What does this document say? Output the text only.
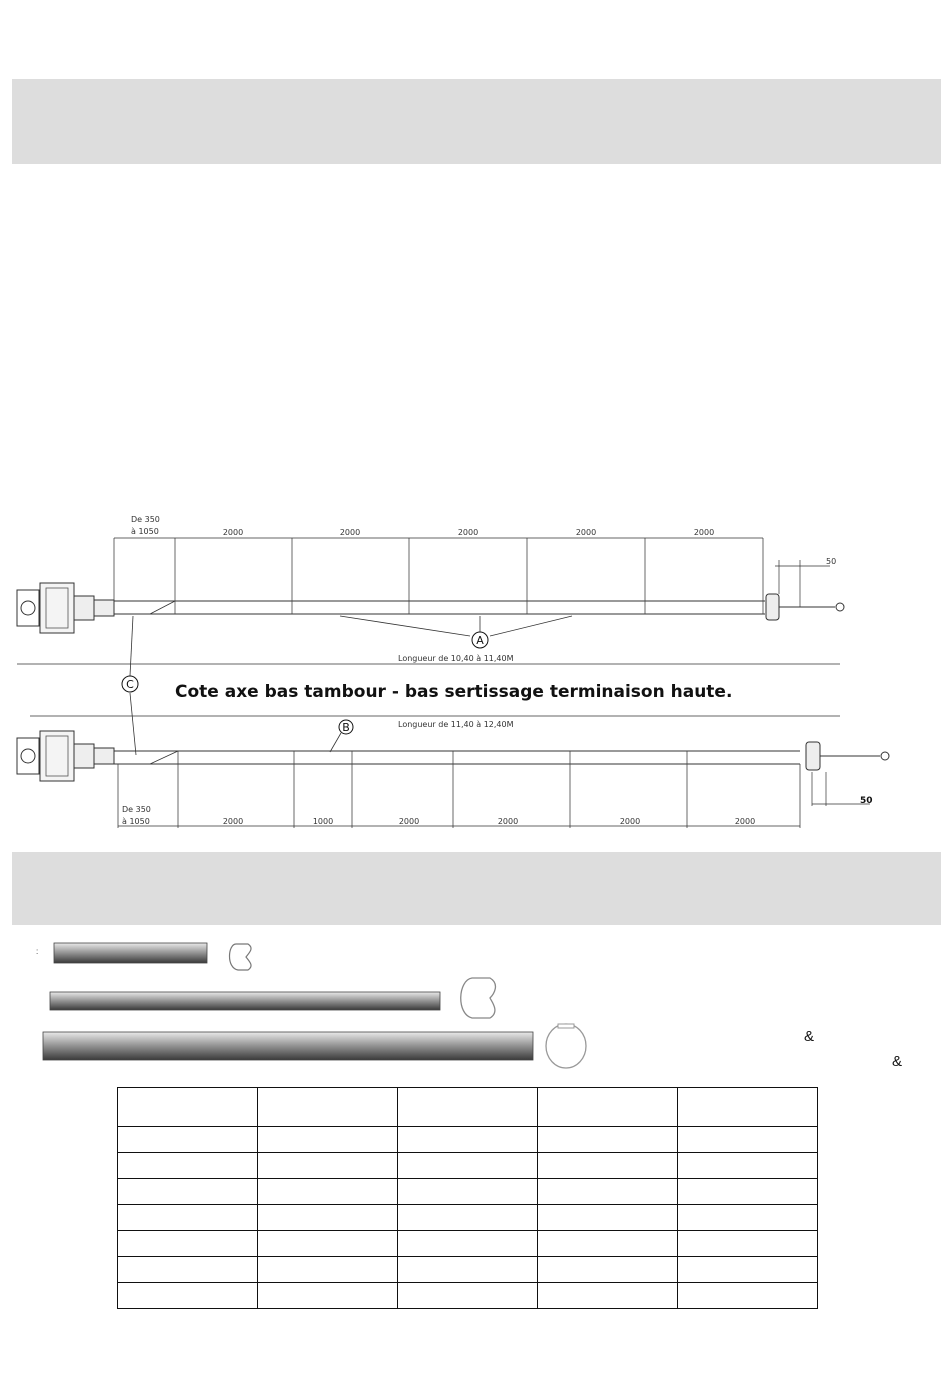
De 350
à 1050	2000	2000	2000	2000	2000
50
Longueur de 10,40 à 11,40M
A
C Cote axe bas tambour - bas sertissage terminaison haute.
Longueur de 11,40 à 12,40M
B
De 350
à 1050	2000	1000	2000	2000	2000	2000
50
:
&
&
